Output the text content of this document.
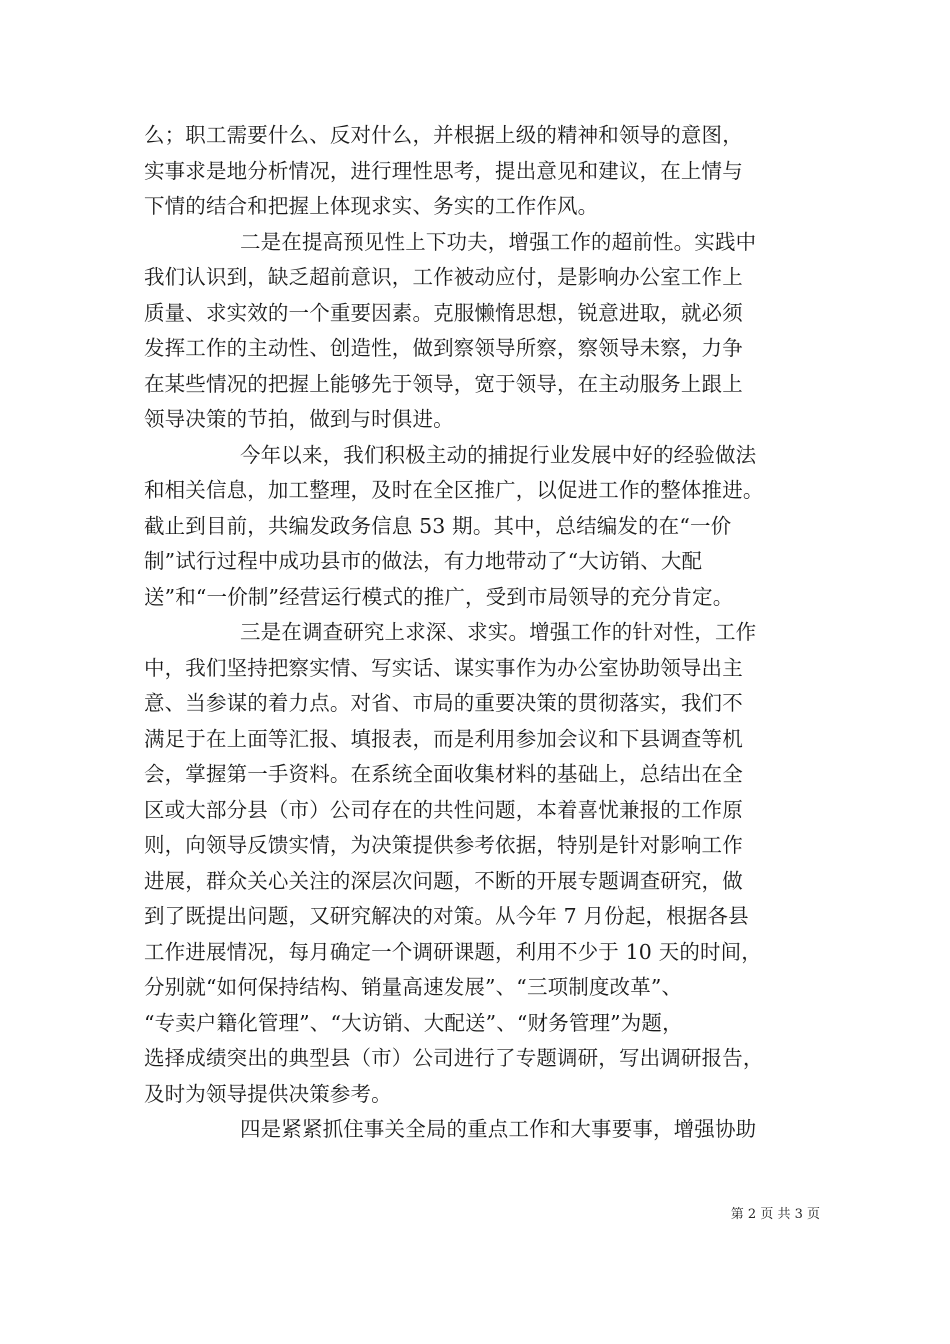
么；职工需要什么、反对什么，并根据上级的精神和领导的意图，
实事求是地分析情况，进行理性思考，提出意见和建议，在上情与
下情的结合和把握上体现求实、务实的工作作风。
二是在提高预见性上下功夫，增强工作的超前性。实践中
我们认识到，缺乏超前意识，工作被动应付，是影响办公室工作上
质量、求实效的一个重要因素。克服懒惰思想，锐意进取，就必须
发挥工作的主动性、创造性，做到察领导所察，察领导未察，力争
在某些情况的把握上能够先于领导，宽于领导，在主动服务上跟上
领导决策的节拍，做到与时俱进。
今年以来，我们积极主动的捕捉行业发展中好的经验做法
和相关信息，加工整理，及时在全区推广，以促进工作的整体推进。
截止到目前，共编发政务信息 53 期。其中，总结编发的在“一价
制”试行过程中成功县市的做法，有力地带动了“大访销、大配
送”和“一价制”经营运行模式的推广，受到市局领导的充分肯定。
三是在调查研究上求深、求实。增强工作的针对性，工作
中，我们坚持把察实情、写实话、谋实事作为办公室协助领导出主
意、当参谋的着力点。对省、市局的重要决策的贯彻落实，我们不
满足于在上面等汇报、填报表，而是利用参加会议和下县调查等机
会，掌握第一手资料。在系统全面收集材料的基础上，总结出在全
区或大部分县（市）公司存在的共性问题，本着喜忧兼报的工作原
则，向领导反馈实情，为决策提供参考依据，特别是针对影响工作
进展，群众关心关注的深层次问题，不断的开展专题调查研究，做
到了既提出问题，又研究解决的对策。从今年 7 月份起，根据各县
工作进展情况，每月确定一个调研课题，利用不少于 10 天的时间，
分别就“如何保持结构、销量高速发展”、“三项制度改革”、
“专卖户籍化管理”、“大访销、大配送”、“财务管理”为题，
选择成绩突出的典型县（市）公司进行了专题调研，写出调研报告，
及时为领导提供决策参考。
四是紧紧抓住事关全局的重点工作和大事要事，增强协助
第 2 页 共 3 页
